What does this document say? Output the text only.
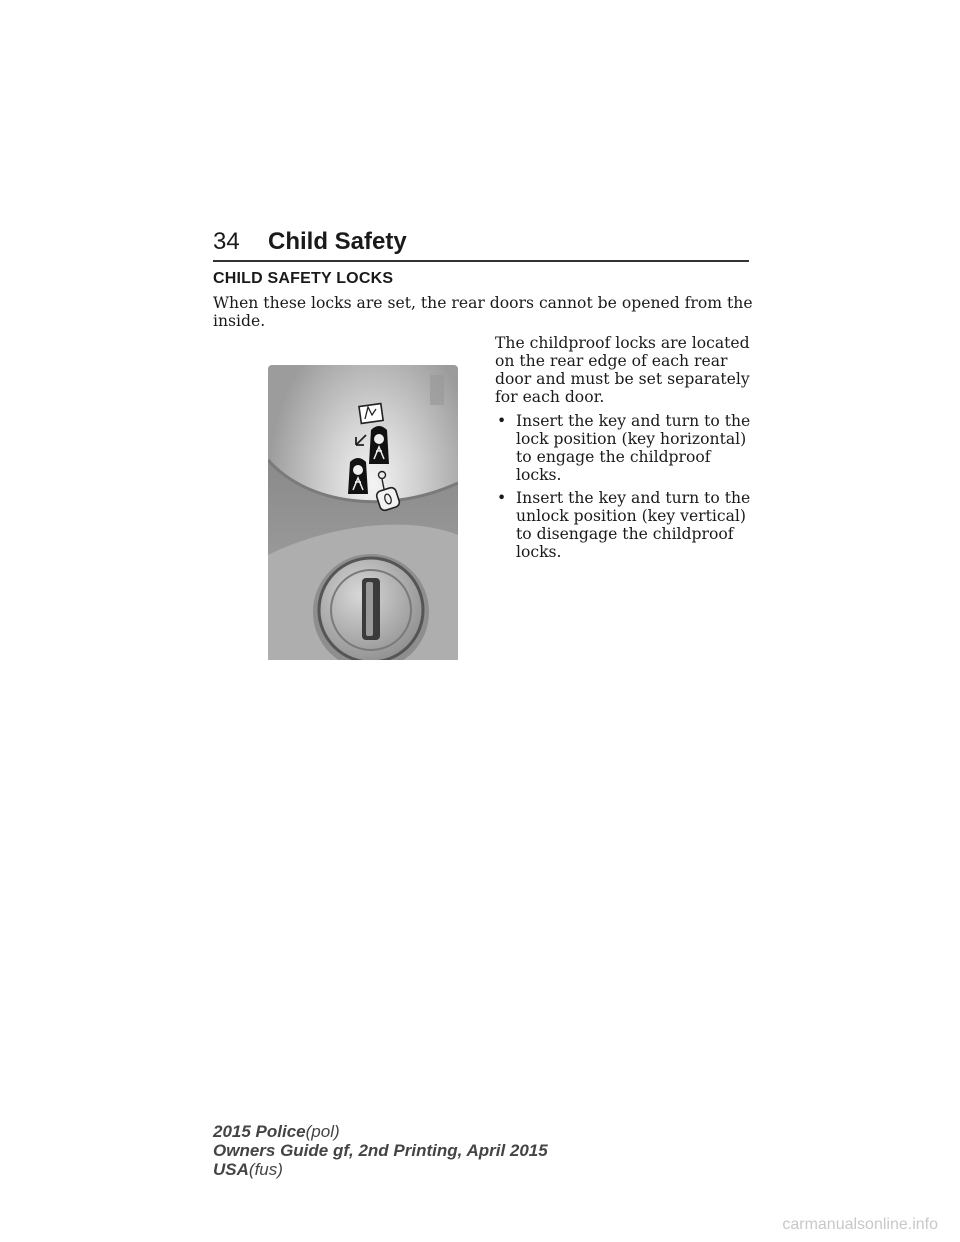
34 Child Safety
CHILD SAFETY LOCKS
When these locks are set, the rear doors cannot be opened from the inside.

The childproof locks are located on the rear edge of each rear door and must be set separately for each door.

• Insert the key and turn to the lock position (key horizontal) to engage the childproof locks.
• Insert the key and turn to the unlock position (key vertical) to disengage the childproof locks.
2015 Police(pol)
Owners Guide gf, 2nd Printing, April 2015
USA(fus)
carmanualsonline.info
